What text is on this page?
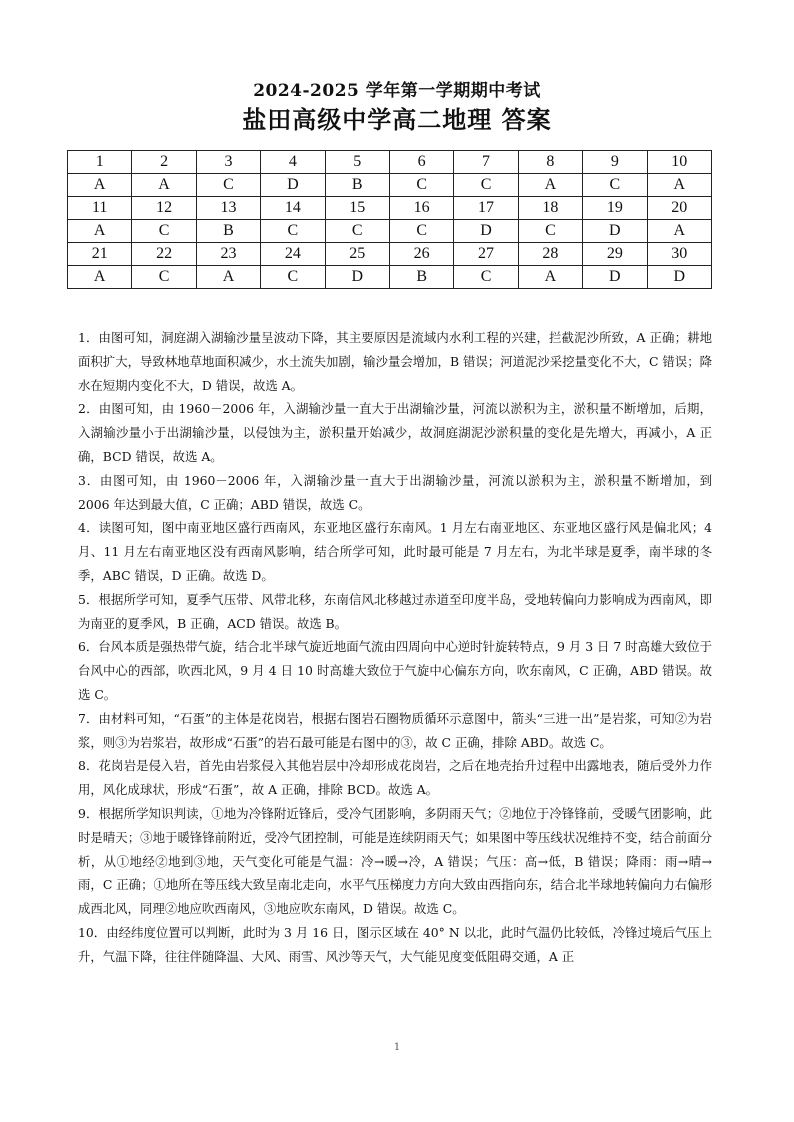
2024-2025 学年第一学期期中考试
盐田高级中学高二地理 答案
1	2	3	4	5	6	7	8	9	10
A	A	C	D	B	C	C	A	C	A
11	12	13	14	15	16	17	18	19	20
A	C	B	C	C	C	D	C	D	A
21	22	23	24	25	26	27	28	29	30
A	C	A	C	D	B	C	A	D	D

1．由图可知，洞庭湖入湖输沙量呈波动下降，其主要原因是流域内水利工程的兴建，拦截泥沙所致，A 正确；耕地面积扩大，导致林地草地面积减少，水土流失加剧，输沙量会增加，B 错误；河道泥沙采挖量变化不大，C 错误；降水在短期内变化不大，D 错误，故选 A。

2．由图可知，由 1960－2006 年，入湖输沙量一直大于出湖输沙量，河流以淤积为主，淤积量不断增加，后期，入湖输沙量小于出湖输沙量，以侵蚀为主，淤积量开始减少，故洞庭湖泥沙淤积量的变化是先增大，再减小，A 正确，BCD 错误，故选 A。

3．由图可知，由 1960－2006 年，入湖输沙量一直大于出湖输沙量，河流以淤积为主，淤积量不断增加，到 2006 年达到最大值，C 正确；ABD 错误，故选 C。

4．读图可知，图中南亚地区盛行西南风，东亚地区盛行东南风。1 月左右南亚地区、东亚地区盛行风是偏北风；4 月、11 月左右南亚地区没有西南风影响，结合所学可知，此时最可能是 7 月左右，为北半球是夏季，南半球的冬季，ABC 错误，D 正确。故选 D。

5．根据所学可知，夏季气压带、风带北移，东南信风北移越过赤道至印度半岛，受地转偏向力影响成为西南风，即为南亚的夏季风，B 正确，ACD 错误。故选 B。

6．台风本质是强热带气旋，结合北半球气旋近地面气流由四周向中心逆时针旋转特点，9 月 3 日 7 时高雄大致位于台风中心的西部，吹西北风，9 月 4 日 10 时高雄大致位于气旋中心偏东方向，吹东南风，C 正确，ABD 错误。故选 C。

7．由材料可知，“石蛋”的主体是花岗岩，根据右图岩石圈物质循环示意图中，箭头“三进一出”是岩浆，可知②为岩浆，则③为岩浆岩，故形成“石蛋”的岩石最可能是右图中的③，故 C 正确，排除 ABD。故选 C。

8．花岗岩是侵入岩，首先由岩浆侵入其他岩层中冷却形成花岗岩，之后在地壳抬升过程中出露地表，随后受外力作用，风化成球状，形成“石蛋”，故 A 正确，排除 BCD。故选 A。

9．根据所学知识判读，①地为冷锋附近锋后，受冷气团影响，多阴雨天气；②地位于冷锋锋前，受暖气团影响，此时是晴天；③地于暖锋锋前附近，受冷气团控制，可能是连续阴雨天气；如果图中等压线状况维持不变，结合前面分析，从①地经②地到③地，天气变化可能是气温：冷→暖→冷，A 错误；气压：高→低，B 错误；降雨：雨→晴→雨，C 正确；①地所在等压线大致呈南北走向，水平气压梯度力方向大致由西指向东，结合北半球地转偏向力右偏形成西北风，同理②地应吹西南风，③地应吹东南风，D 错误。故选 C。

10．由经纬度位置可以判断，此时为 3 月 16 日，图示区域在 40° N 以北，此时气温仍比较低，冷锋过境后气压上升，气温下降，往往伴随降温、大风、雨雪、风沙等天气，大气能见度变低阻碍交通，A 正

1
